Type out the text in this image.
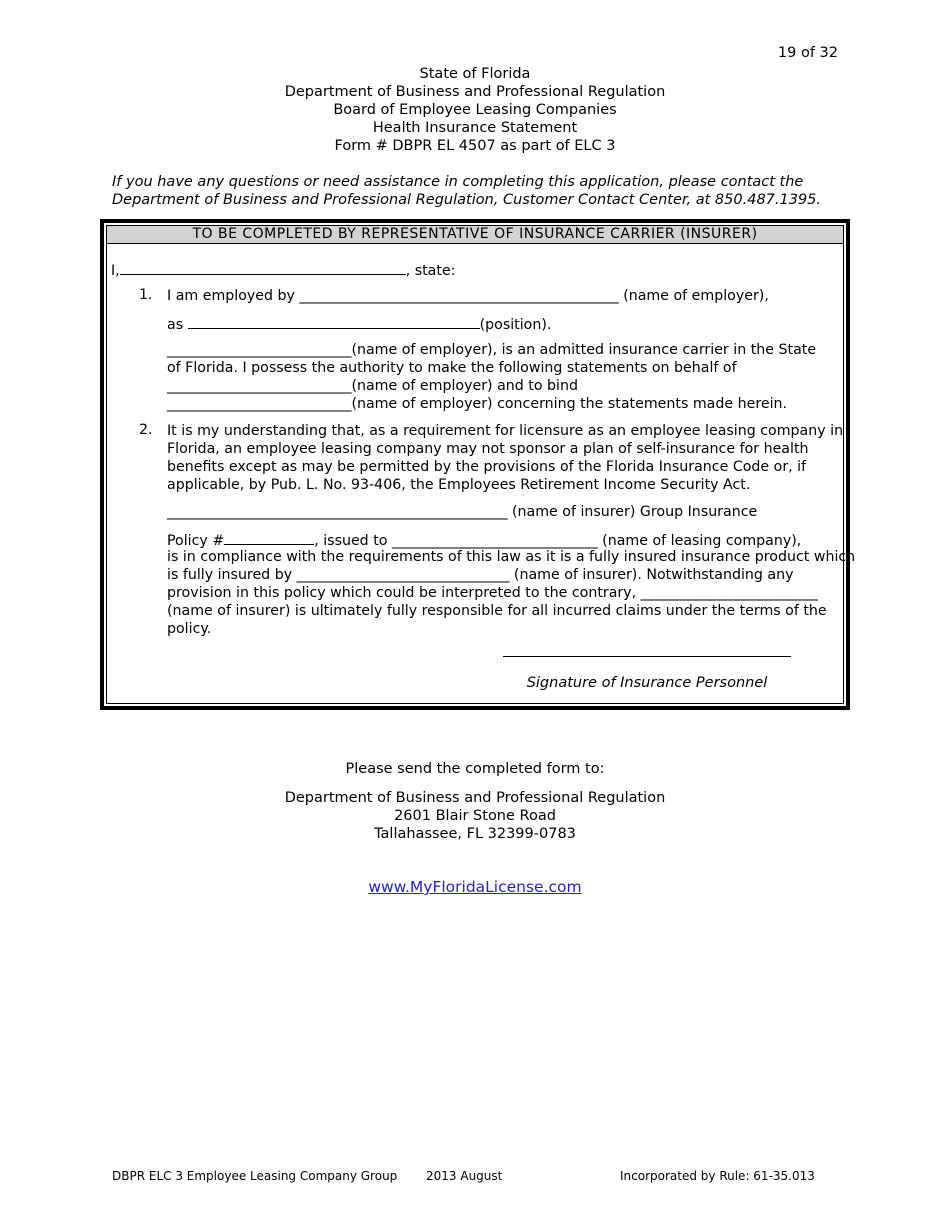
19 of 32
State of Florida
Department of Business and Professional Regulation
Board of Employee Leasing Companies
Health Insurance Statement
Form # DBPR EL 4507 as part of ELC 3
If you have any questions or need assistance in completing this application, please contact the
Department of Business and Professional Regulation, Customer Contact Center, at 850.487.1395.
TO BE COMPLETED BY REPRESENTATIVE OF INSURANCE CARRIER (INSURER)
I,	, state:
1. I am employed by _____________________________________________ (name of employer),
as	(position).
__________________________(name of employer), is an admitted insurance carrier in the State
of Florida. I possess the authority to make the following statements on behalf of
__________________________(name of employer) and to bind
__________________________(name of employer) concerning the statements made herein.
2. It is my understanding that, as a requirement for licensure as an employee leasing company in
Florida, an employee leasing company may not sponsor a plan of self-insurance for health
benefits except as may be permitted by the provisions of the Florida Insurance Code or, if
applicable, by Pub. L. No. 93-406, the Employees Retirement Income Security Act.
________________________________________________ (name of insurer) Group Insurance
Policy #	, issued to _____________________________ (name of leasing company),
is in compliance with the requirements of this law as it is a fully insured insurance product which
is fully insured by ______________________________ (name of insurer). Notwithstanding any
provision in this policy which could be interpreted to the contrary, _________________________
(name of insurer) is ultimately fully responsible for all incurred claims under the terms of the
policy.
Signature of Insurance Personnel
Please send the completed form to:
Department of Business and Professional Regulation
2601 Blair Stone Road
Tallahassee, FL 32399-0783
www.MyFloridaLicense.com
DBPR ELC 3 Employee Leasing Company Group 2013 August	Incorporated by Rule: 61-35.013
